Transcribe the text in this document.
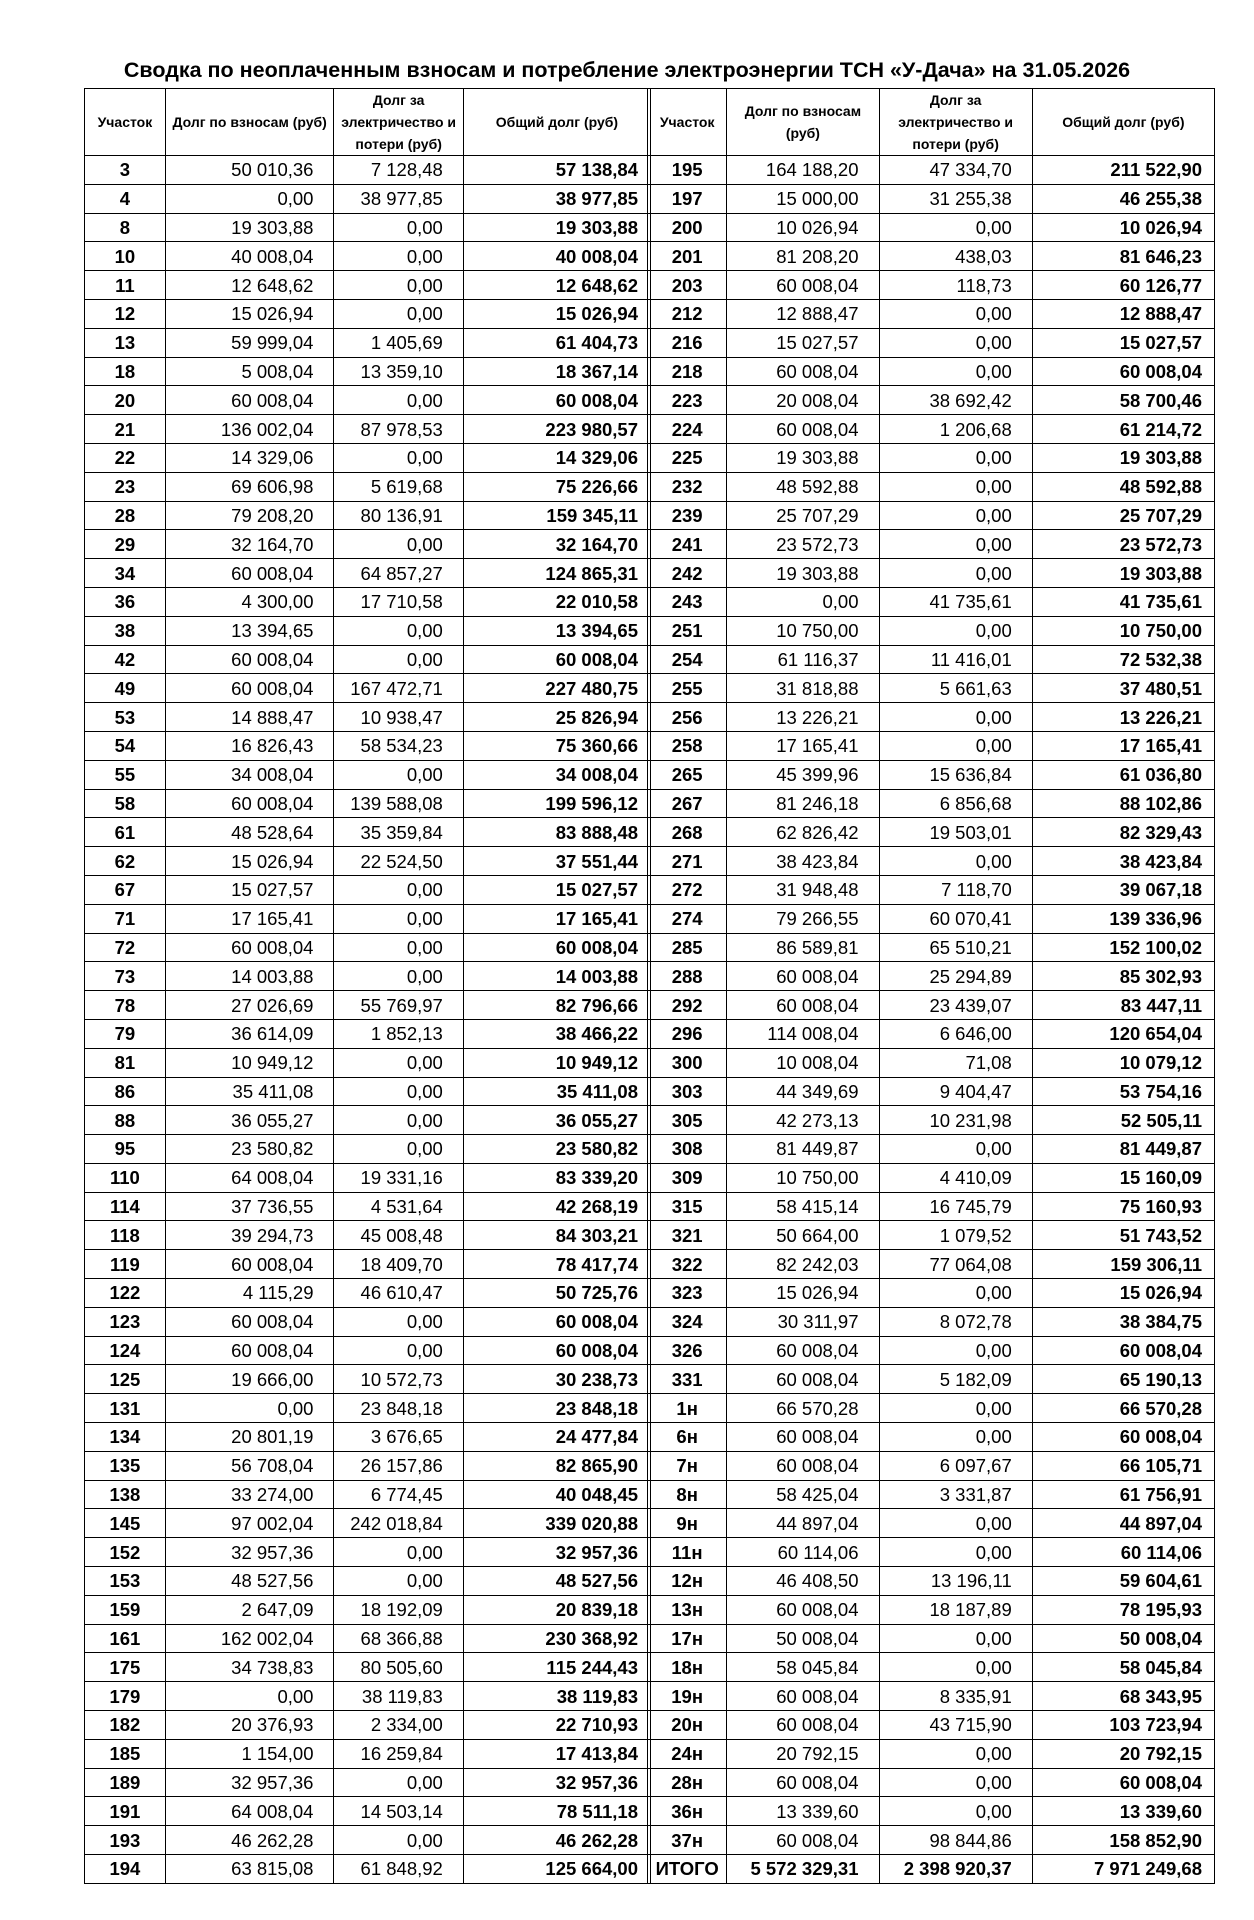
Сводка по неоплаченным взносам и потребление электроэнергии ТСН «У-Дача» на 31.05.2026
Участок	Долг по взносам (руб)	Долг за электричество и потери (руб)	Общий долг (руб)
3	50 010,36	7 128,48	57 138,84
4	0,00	38 977,85	38 977,85
8	19 303,88	0,00	19 303,88
10	40 008,04	0,00	40 008,04
11	12 648,62	0,00	12 648,62
12	15 026,94	0,00	15 026,94
13	59 999,04	1 405,69	61 404,73
18	5 008,04	13 359,10	18 367,14
20	60 008,04	0,00	60 008,04
21	136 002,04	87 978,53	223 980,57
22	14 329,06	0,00	14 329,06
23	69 606,98	5 619,68	75 226,66
28	79 208,20	80 136,91	159 345,11
29	32 164,70	0,00	32 164,70
34	60 008,04	64 857,27	124 865,31
36	4 300,00	17 710,58	22 010,58
38	13 394,65	0,00	13 394,65
42	60 008,04	0,00	60 008,04
49	60 008,04	167 472,71	227 480,75
53	14 888,47	10 938,47	25 826,94
54	16 826,43	58 534,23	75 360,66
55	34 008,04	0,00	34 008,04
58	60 008,04	139 588,08	199 596,12
61	48 528,64	35 359,84	83 888,48
62	15 026,94	22 524,50	37 551,44
67	15 027,57	0,00	15 027,57
71	17 165,41	0,00	17 165,41
72	60 008,04	0,00	60 008,04
73	14 003,88	0,00	14 003,88
78	27 026,69	55 769,97	82 796,66
79	36 614,09	1 852,13	38 466,22
81	10 949,12	0,00	10 949,12
86	35 411,08	0,00	35 411,08
88	36 055,27	0,00	36 055,27
95	23 580,82	0,00	23 580,82
110	64 008,04	19 331,16	83 339,20
114	37 736,55	4 531,64	42 268,19
118	39 294,73	45 008,48	84 303,21
119	60 008,04	18 409,70	78 417,74
122	4 115,29	46 610,47	50 725,76
123	60 008,04	0,00	60 008,04
124	60 008,04	0,00	60 008,04
125	19 666,00	10 572,73	30 238,73
131	0,00	23 848,18	23 848,18
134	20 801,19	3 676,65	24 477,84
135	56 708,04	26 157,86	82 865,90
138	33 274,00	6 774,45	40 048,45
145	97 002,04	242 018,84	339 020,88
152	32 957,36	0,00	32 957,36
153	48 527,56	0,00	48 527,56
159	2 647,09	18 192,09	20 839,18
161	162 002,04	68 366,88	230 368,92
175	34 738,83	80 505,60	115 244,43
179	0,00	38 119,83	38 119,83
182	20 376,93	2 334,00	22 710,93
185	1 154,00	16 259,84	17 413,84
189	32 957,36	0,00	32 957,36
191	64 008,04	14 503,14	78 511,18
193	46 262,28	0,00	46 262,28
194	63 815,08	61 848,92	125 664,00
Участок	Долг по взносам (руб)	Долг за электричество и потери (руб)	Общий долг (руб)
195	164 188,20	47 334,70	211 522,90
197	15 000,00	31 255,38	46 255,38
200	10 026,94	0,00	10 026,94
201	81 208,20	438,03	81 646,23
203	60 008,04	118,73	60 126,77
212	12 888,47	0,00	12 888,47
216	15 027,57	0,00	15 027,57
218	60 008,04	0,00	60 008,04
223	20 008,04	38 692,42	58 700,46
224	60 008,04	1 206,68	61 214,72
225	19 303,88	0,00	19 303,88
232	48 592,88	0,00	48 592,88
239	25 707,29	0,00	25 707,29
241	23 572,73	0,00	23 572,73
242	19 303,88	0,00	19 303,88
243	0,00	41 735,61	41 735,61
251	10 750,00	0,00	10 750,00
254	61 116,37	11 416,01	72 532,38
255	31 818,88	5 661,63	37 480,51
256	13 226,21	0,00	13 226,21
258	17 165,41	0,00	17 165,41
265	45 399,96	15 636,84	61 036,80
267	81 246,18	6 856,68	88 102,86
268	62 826,42	19 503,01	82 329,43
271	38 423,84	0,00	38 423,84
272	31 948,48	7 118,70	39 067,18
274	79 266,55	60 070,41	139 336,96
285	86 589,81	65 510,21	152 100,02
288	60 008,04	25 294,89	85 302,93
292	60 008,04	23 439,07	83 447,11
296	114 008,04	6 646,00	120 654,04
300	10 008,04	71,08	10 079,12
303	44 349,69	9 404,47	53 754,16
305	42 273,13	10 231,98	52 505,11
308	81 449,87	0,00	81 449,87
309	10 750,00	4 410,09	15 160,09
315	58 415,14	16 745,79	75 160,93
321	50 664,00	1 079,52	51 743,52
322	82 242,03	77 064,08	159 306,11
323	15 026,94	0,00	15 026,94
324	30 311,97	8 072,78	38 384,75
326	60 008,04	0,00	60 008,04
331	60 008,04	5 182,09	65 190,13
1н	66 570,28	0,00	66 570,28
6н	60 008,04	0,00	60 008,04
7н	60 008,04	6 097,67	66 105,71
8н	58 425,04	3 331,87	61 756,91
9н	44 897,04	0,00	44 897,04
11н	60 114,06	0,00	60 114,06
12н	46 408,50	13 196,11	59 604,61
13н	60 008,04	18 187,89	78 195,93
17н	50 008,04	0,00	50 008,04
18н	58 045,84	0,00	58 045,84
19н	60 008,04	8 335,91	68 343,95
20н	60 008,04	43 715,90	103 723,94
24н	20 792,15	0,00	20 792,15
28н	60 008,04	0,00	60 008,04
36н	13 339,60	0,00	13 339,60
37н	60 008,04	98 844,86	158 852,90
ИТОГО	5 572 329,31	2 398 920,37	7 971 249,68
